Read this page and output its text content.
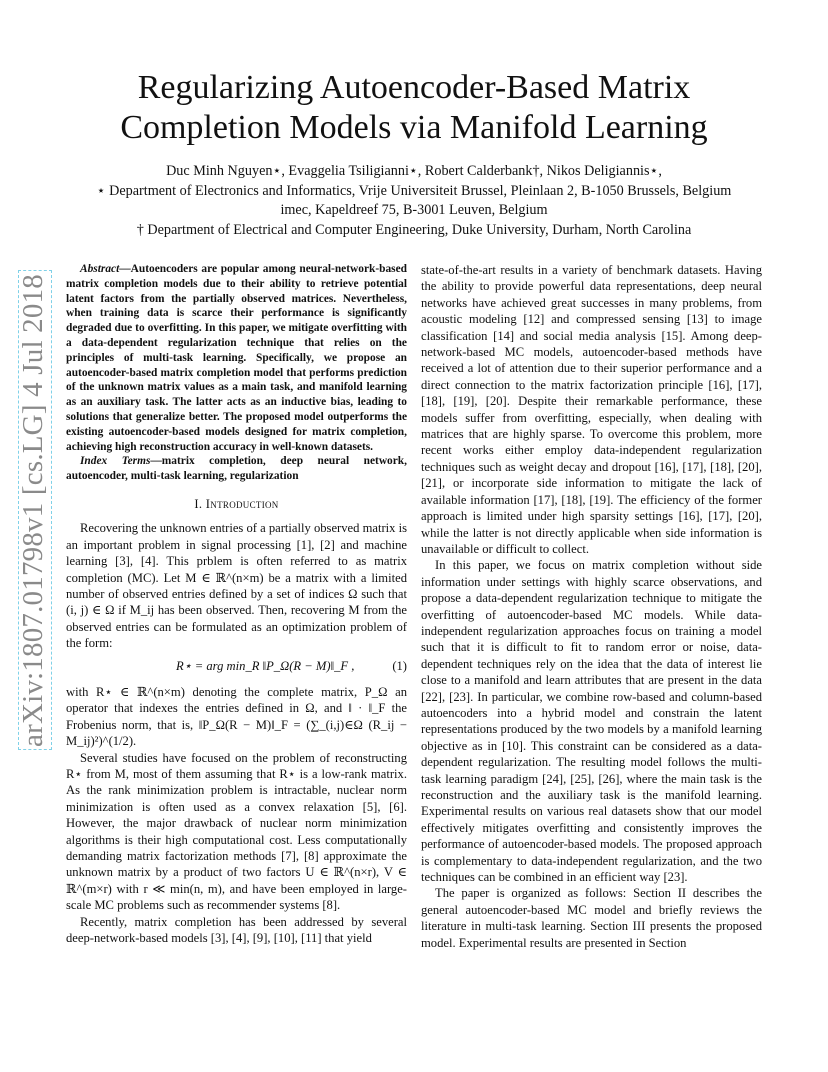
arXiv:1807.01798v1 [cs.LG] 4 Jul 2018
Regularizing Autoencoder-Based Matrix
Completion Models via Manifold Learning
Duc Minh Nguyen⋆, Evaggelia Tsiligianni⋆, Robert Calderbank†, Nikos Deligiannis⋆,
⋆ Department of Electronics and Informatics, Vrije Universiteit Brussel, Pleinlaan 2, B-1050 Brussels, Belgium
imec, Kapeldreef 75, B-3001 Leuven, Belgium
† Department of Electrical and Computer Engineering, Duke University, Durham, North Carolina

Abstract—Autoencoders are popular among neural-network-based matrix completion models due to their ability to retrieve potential latent factors from the partially observed matrices. Nevertheless, when training data is scarce their performance is significantly degraded due to overfitting. In this paper, we mitigate overfitting with a data-dependent regularization technique that relies on the principles of multi-task learning. Specifically, we propose an autoencoder-based matrix completion model that performs prediction of the unknown matrix values as a main task, and manifold learning as an auxiliary task. The latter acts as an inductive bias, leading to solutions that generalize better. The proposed model outperforms the existing autoencoder-based models designed for matrix completion, achieving high reconstruction accuracy in well-known datasets.

Index Terms—matrix completion, deep neural network, autoencoder, multi-task learning, regularization

I. Introduction

Recovering the unknown entries of a partially observed matrix is an important problem in signal processing [1], [2] and machine learning [3], [4]. This prblem is often referred to as matrix completion (MC). Let M ∈ ℝ^(n×m) be a matrix with a limited number of observed entries defined by a set of indices Ω such that (i, j) ∈ Ω if M_ij has been observed. Then, recovering M from the observed entries can be formulated as an optimization problem of the form:

R⋆ = arg min_R ‖P_Ω(R − M)‖_F ,	(1)

with R⋆ ∈ ℝ^(n×m) denoting the complete matrix, P_Ω an operator that indexes the entries defined in Ω, and ‖ · ‖_F the Frobenius norm, that is, ‖P_Ω(R − M)‖_F = (∑_(i,j)∈Ω (R_ij − M_ij)²)^(1/2).

Several studies have focused on the problem of reconstructing R⋆ from M, most of them assuming that R⋆ is a low-rank matrix. As the rank minimization problem is intractable, nuclear norm minimization is often used as a convex relaxation [5], [6]. However, the major drawback of nuclear norm minimization algorithms is their high computational cost. Less computationally demanding matrix factorization methods [7], [8] approximate the unknown matrix by a product of two factors U ∈ ℝ^(n×r), V ∈ ℝ^(m×r) with r ≪ min(n, m), and have been employed in large-scale MC problems such as recommender systems [8].

Recently, matrix completion has been addressed by several deep-network-based models [3], [4], [9], [10], [11] that yield

state-of-the-art results in a variety of benchmark datasets. Having the ability to provide powerful data representations, deep neural networks have achieved great successes in many problems, from acoustic modeling [12] and compressed sensing [13] to image classification [14] and social media analysis [15]. Among deep-network-based MC models, autoencoder-based methods have received a lot of attention due to their superior performance and a direct connection to the matrix factorization principle [16], [17], [18], [19], [20]. Despite their remarkable performance, these models suffer from overfitting, especially, when dealing with matrices that are highly sparse. To overcome this problem, more recent works either employ data-independent regularization techniques such as weight decay and dropout [16], [17], [18], [20], [21], or incorporate side information to mitigate the lack of available information [17], [18], [19]. The efficiency of the former approach is limited under high sparsity settings [16], [17], [20], while the latter is not directly applicable when side information is unavailable or difficult to collect.

In this paper, we focus on matrix completion without side information under settings with highly scarce observations, and propose a data-dependent regularization technique to mitigate the overfitting of autoencoder-based MC models. While data-independent regularization approaches focus on training a model such that it is difficult to fit to random error or noise, data-dependent techniques rely on the idea that the data of interest lie close to a manifold and learn attributes that are present in the data [22], [23]. In particular, we combine row-based and column-based autoencoders into a hybrid model and constrain the latent representations produced by the two models by a manifold learning objective as in [10]. This constraint can be considered as a data-dependent regularization. The resulting model follows the multi-task learning paradigm [24], [25], [26], where the main task is the reconstruction and the auxiliary task is the manifold learning. Experimental results on various real datasets show that our model effectively mitigates overfitting and consistently improves the performance of autoencoder-based models. The proposed approach is complementary to data-independent regularization, and the two techniques can be combined in an efficient way [23].

The paper is organized as follows: Section II describes the general autoencoder-based MC model and briefly reviews the literature in multi-task learning. Section III presents the proposed model. Experimental results are presented in Section
